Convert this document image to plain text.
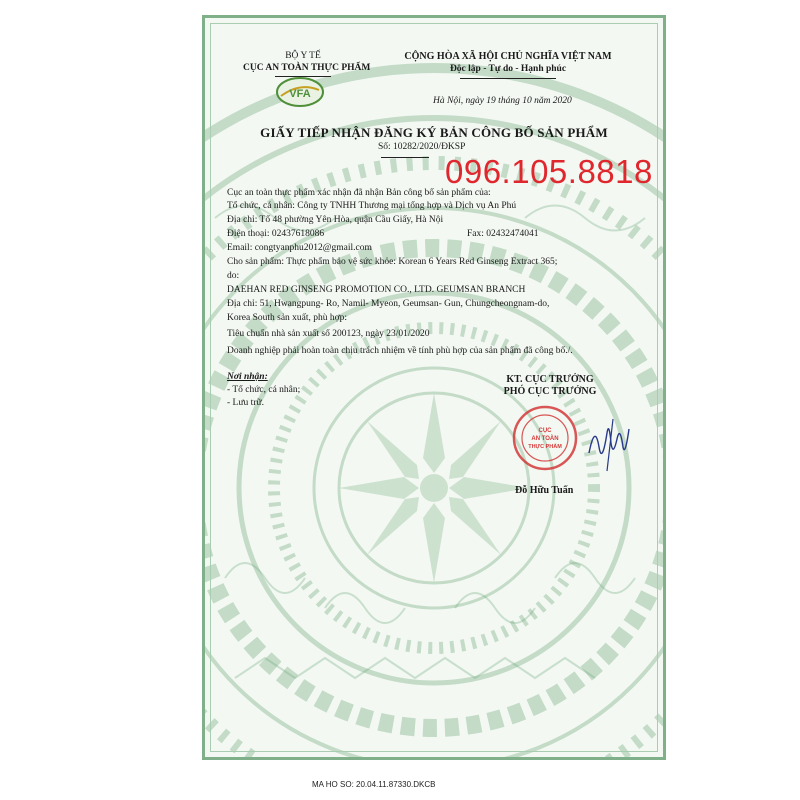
BỘ Y TẾ
CỤC AN TOÀN THỰC PHẨM
VFA
CỘNG HÒA XÃ HỘI CHỦ NGHĨA VIỆT NAM
Độc lập - Tự do - Hạnh phúc
Hà Nội, ngày 19 tháng 10 năm 2020
GIẤY TIẾP NHẬN ĐĂNG KÝ BẢN CÔNG BỐ SẢN PHẨM
Số: 10282/2020/ĐKSP
096.105.8818
Cục an toàn thực phẩm xác nhận đã nhận Bản công bố sản phẩm của:
Tổ chức, cá nhân: Công ty TNHH Thương mại tổng hợp và Dịch vụ An Phú
Địa chỉ: Tổ 48 phường Yên Hòa, quận Cầu Giấy, Hà Nội
Điện thoại: 02437618086	Fax: 02432474041
Email: congtyanphu2012@gmail.com
Cho sản phẩm: Thực phẩm bảo vệ sức khỏe: Korean 6 Years Red Ginseng Extract 365;
do:
DAEHAN RED GINSENG PROMOTION CO., LTD. GEUMSAN BRANCH
Địa chỉ: 51, Hwangpung- Ro, Namil- Myeon, Geumsan- Gun, Chungcheongnam-do,
Korea South sản xuất, phù hợp:
Tiêu chuẩn nhà sản xuất số 200123, ngày 23/01/2020
Doanh nghiệp phải hoàn toàn chịu trách nhiệm về tính phù hợp của sản phẩm đã công bố./.
Nơi nhận:
- Tổ chức, cá nhân;
- Lưu trữ.
KT. CỤC TRƯỞNG
PHÓ CỤC TRƯỞNG
CỤC
AN TOÀN
THỰC PHẨM
Đỗ Hữu Tuấn
MA HO SO: 20.04.11.87330.DKCB
